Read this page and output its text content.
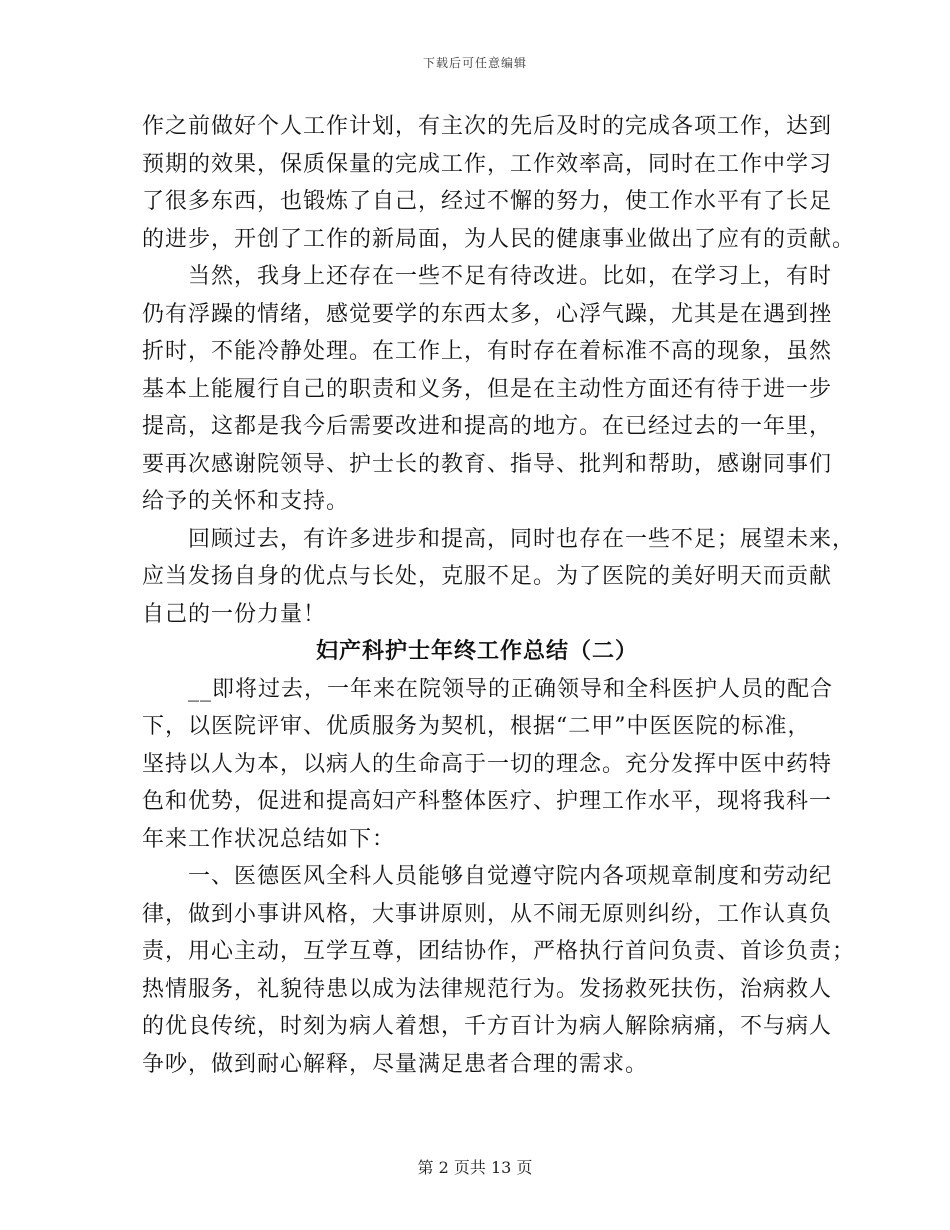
下载后可任意编辑
作之前做好个人工作计划，有主次的先后及时的完成各项工作，达到
预期的效果，保质保量的完成工作，工作效率高，同时在工作中学习
了很多东西，也锻炼了自己，经过不懈的努力，使工作水平有了长足
的进步，开创了工作的新局面，为人民的健康事业做出了应有的贡献。
当然，我身上还存在一些不足有待改进。比如，在学习上，有时
仍有浮躁的情绪，感觉要学的东西太多，心浮气躁，尤其是在遇到挫
折时，不能冷静处理。在工作上，有时存在着标准不高的现象，虽然
基本上能履行自己的职责和义务，但是在主动性方面还有待于进一步
提高，这都是我今后需要改进和提高的地方。在已经过去的一年里，
要再次感谢院领导、护士长的教育、指导、批判和帮助，感谢同事们
给予的关怀和支持。
回顾过去，有许多进步和提高，同时也存在一些不足；展望未来，
应当发扬自身的优点与长处，克服不足。为了医院的美好明天而贡献
自己的一份力量！
妇产科护士年终工作总结（二）
__即将过去，一年来在院领导的正确领导和全科医护人员的配合
下，以医院评审、优质服务为契机，根据“二甲”中医医院的标准，
坚持以人为本，以病人的生命高于一切的理念。充分发挥中医中药特
色和优势，促进和提高妇产科整体医疗、护理工作水平，现将我科一
年来工作状况总结如下：
一、医德医风全科人员能够自觉遵守院内各项规章制度和劳动纪
律，做到小事讲风格，大事讲原则，从不闹无原则纠纷，工作认真负
责，用心主动，互学互尊，团结协作，严格执行首问负责、首诊负责；
热情服务，礼貌待患以成为法律规范行为。发扬救死扶伤，治病救人
的优良传统，时刻为病人着想，千方百计为病人解除病痛，不与病人
争吵，做到耐心解释，尽量满足患者合理的需求。
第 2 页共 13 页
